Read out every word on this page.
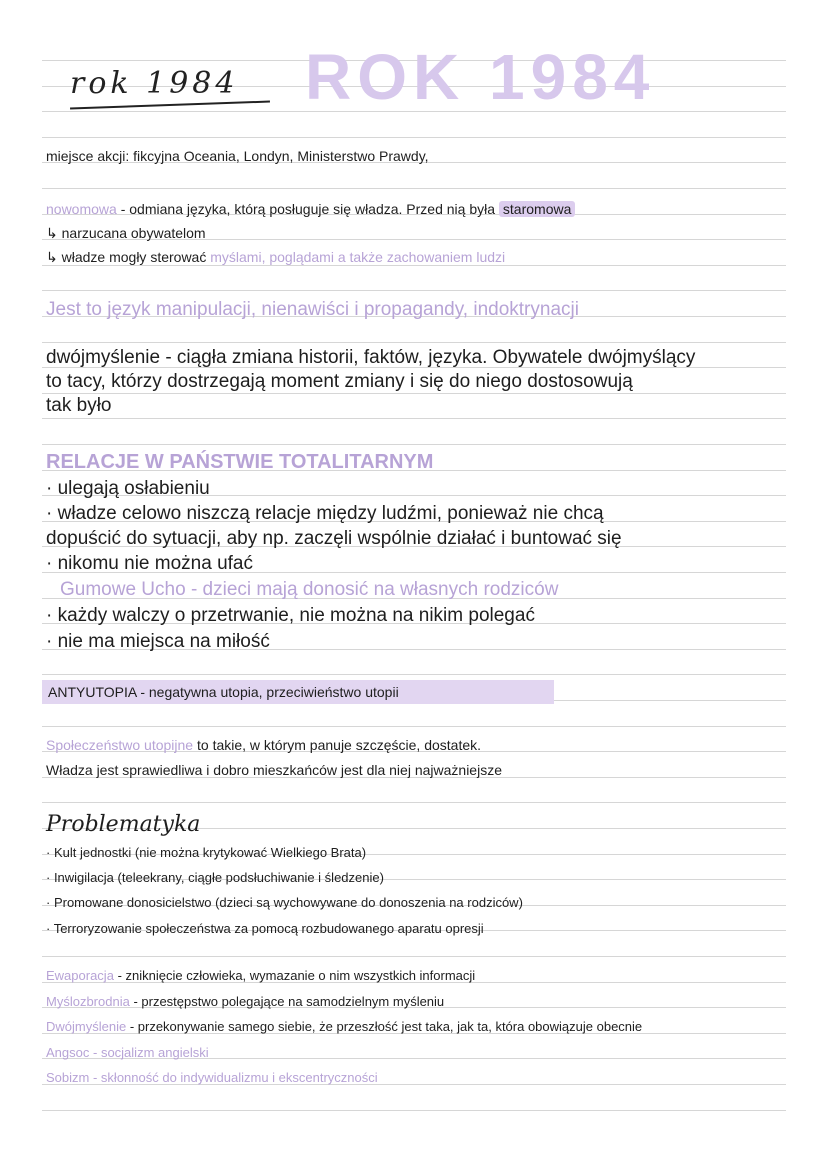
ROK 1984
rok 1984
miejsce akcji: fikcyjna Oceania, Londyn, Ministerstwo Prawdy,
nowomowa - odmiana języka, którą posługuje się władza. Przed nią była staromowa
↳ narzucana obywatelom
↳ władze mogły sterować myślami, poglądami a także zachowaniem ludzi
Jest to język manipulacji, nienawiści i propagandy, indoktrynacji
dwójmyślenie - ciągła zmiana historii, faktów, języka. Obywatele dwójmyślący
to tacy, którzy dostrzegają moment zmiany i się do niego dostosowują
tak było
RELACJE W PAŃSTWIE TOTALITARNYM
· ulegają osłabieniu
· władze celowo niszczą relacje między ludźmi, ponieważ nie chcą
dopuścić do sytuacji, aby np. zaczęli wspólnie działać i buntować się
· nikomu nie można ufać
Gumowe Ucho - dzieci mają donosić na własnych rodziców
· każdy walczy o przetrwanie, nie można na nikim polegać
· nie ma miejsca na miłość
ANTYUTOPIA - negatywna utopia, przeciwieństwo utopii
Społeczeństwo utopijne to takie, w którym panuje szczęście, dostatek.
Władza jest sprawiedliwa i dobro mieszkańców jest dla niej najważniejsze
Problematyka
· Kult jednostki (nie można krytykować Wielkiego Brata)
· Inwigilacja (teleekrany, ciągłe podsłuchiwanie i śledzenie)
· Promowane donosicielstwo (dzieci są wychowywane do donoszenia na rodziców)
· Terroryzowanie społeczeństwa za pomocą rozbudowanego aparatu opresji
Ewaporacja - zniknięcie człowieka, wymazanie o nim wszystkich informacji
Myślozbrodnia - przestępstwo polegające na samodzielnym myśleniu
Dwójmyślenie - przekonywanie samego siebie, że przeszłość jest taka, jak ta, która obowiązuje obecnie
Angsoc - socjalizm angielski
Sobizm - skłonność do indywidualizmu i ekscentryczności
